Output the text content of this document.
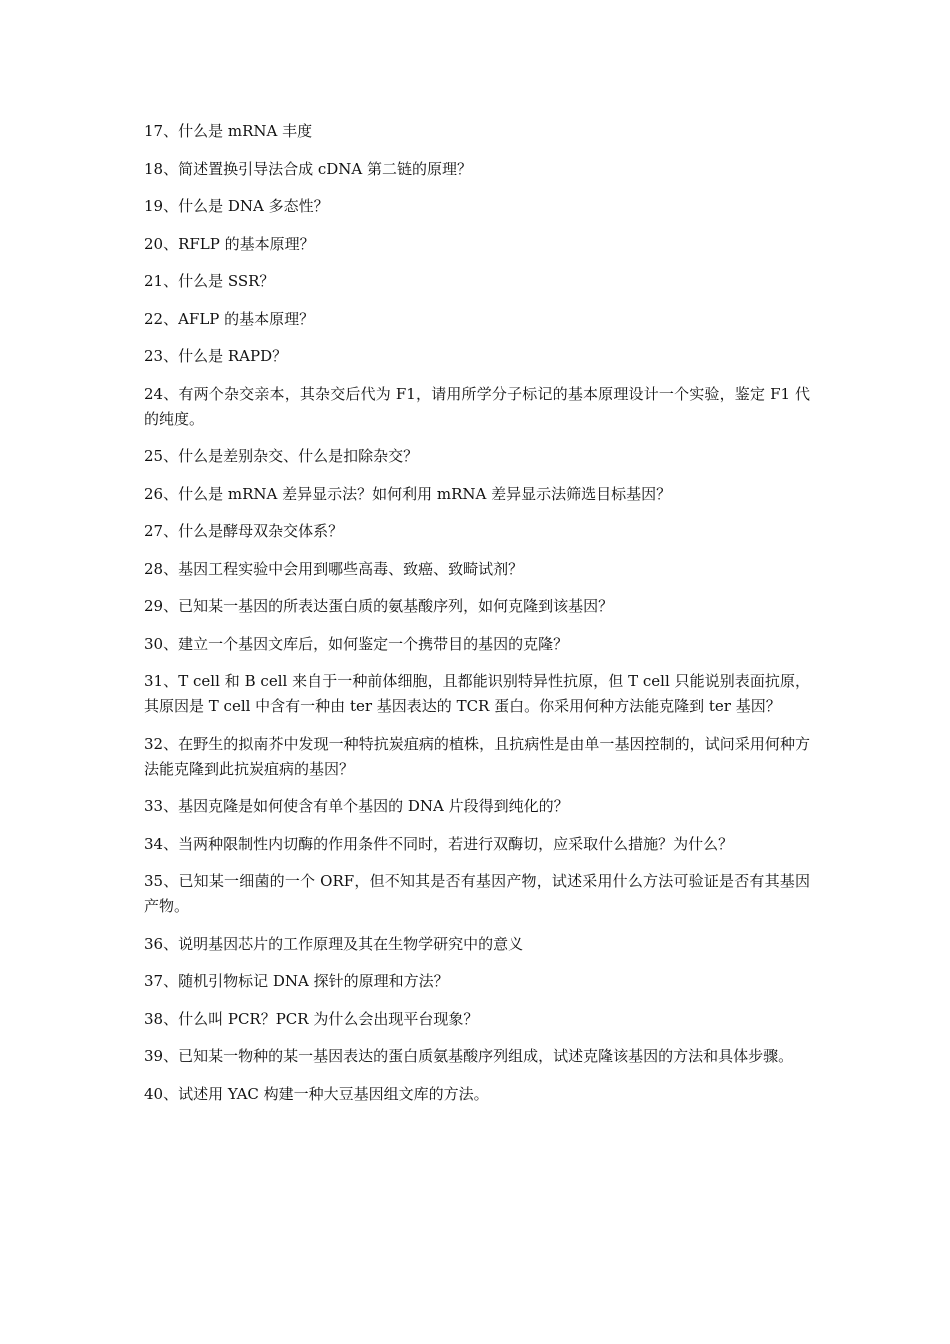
17、什么是 mRNA 丰度
18、简述置换引导法合成 cDNA 第二链的原理？
19、什么是 DNA 多态性？
20、RFLP 的基本原理？
21、什么是 SSR？
22、AFLP 的基本原理？
23、什么是 RAPD？
24、有两个杂交亲本，其杂交后代为 F1，请用所学分子标记的基本原理设计一个实验，鉴定 F1 代的纯度。
25、什么是差别杂交、什么是扣除杂交？
26、什么是 mRNA 差异显示法？如何利用 mRNA 差异显示法筛选目标基因？
27、什么是酵母双杂交体系？
28、基因工程实验中会用到哪些高毒、致癌、致畸试剂？
29、已知某一基因的所表达蛋白质的氨基酸序列，如何克隆到该基因？
30、建立一个基因文库后，如何鉴定一个携带目的基因的克隆？
31、T cell 和 B cell 来自于一种前体细胞，且都能识别特异性抗原，但 T cell 只能说别表面抗原，其原因是 T cell 中含有一种由 ter 基因表达的 TCR 蛋白。你采用何种方法能克隆到 ter 基因？
32、在野生的拟南芥中发现一种特抗炭疽病的植株，且抗病性是由单一基因控制的，试问采用何种方法能克隆到此抗炭疽病的基因？
33、基因克隆是如何使含有单个基因的 DNA 片段得到纯化的？
34、当两种限制性内切酶的作用条件不同时，若进行双酶切，应采取什么措施？为什么？
35、已知某一细菌的一个 ORF，但不知其是否有基因产物，试述采用什么方法可验证是否有其基因产物。
36、说明基因芯片的工作原理及其在生物学研究中的意义
37、随机引物标记 DNA 探针的原理和方法？
38、什么叫 PCR？PCR 为什么会出现平台现象？
39、已知某一物种的某一基因表达的蛋白质氨基酸序列组成，试述克隆该基因的方法和具体步骤。
40、试述用 YAC 构建一种大豆基因组文库的方法。
